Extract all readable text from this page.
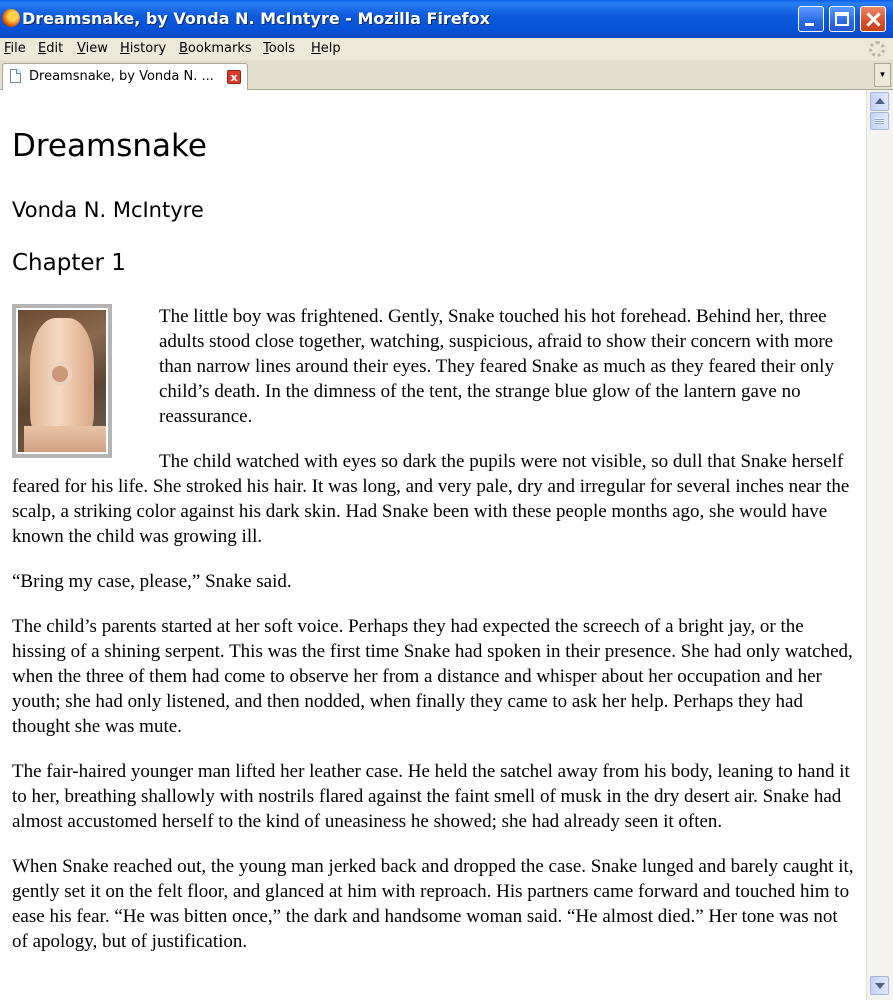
Dreamsnake, by Vonda N. McIntyre - Mozilla Firefox
File Edit View History Bookmarks Tools Help
Dreamsnake, by Vonda N. ...	x	▼
Dreamsnake
Vonda N. McIntyre
Chapter 1

The little boy was frightened. Gently, Snake touched his hot forehead. Behind her, three adults stood close together, watching, suspicious, afraid to show their concern with more than narrow lines around their eyes. They feared Snake as much as they feared their only child’s death. In the dimness of the tent, the strange blue glow of the lantern gave no reassurance.

The child watched with eyes so dark the pupils were not visible, so dull that Snake herself feared for his life. She stroked his hair. It was long, and very pale, dry and irregular for several inches near the scalp, a striking color against his dark skin. Had Snake been with these people months ago, she would have known the child was growing ill.

“Bring my case, please,” Snake said.

The child’s parents started at her soft voice. Perhaps they had expected the screech of a bright jay, or the hissing of a shining serpent. This was the first time Snake had spoken in their presence. She had only watched, when the three of them had come to observe her from a distance and whisper about her occupation and her youth; she had only listened, and then nodded, when finally they came to ask her help. Perhaps they had thought she was mute.

The fair-haired younger man lifted her leather case. He held the satchel away from his body, leaning to hand it to her, breathing shallowly with nostrils flared against the faint smell of musk in the dry desert air. Snake had almost accustomed herself to the kind of uneasiness he showed; she had already seen it often.

When Snake reached out, the young man jerked back and dropped the case. Snake lunged and barely caught it, gently set it on the felt floor, and glanced at him with reproach. His partners came forward and touched him to ease his fear. “He was bitten once,” the dark and handsome woman said. “He almost died.” Her tone was not of apology, but of justification.
